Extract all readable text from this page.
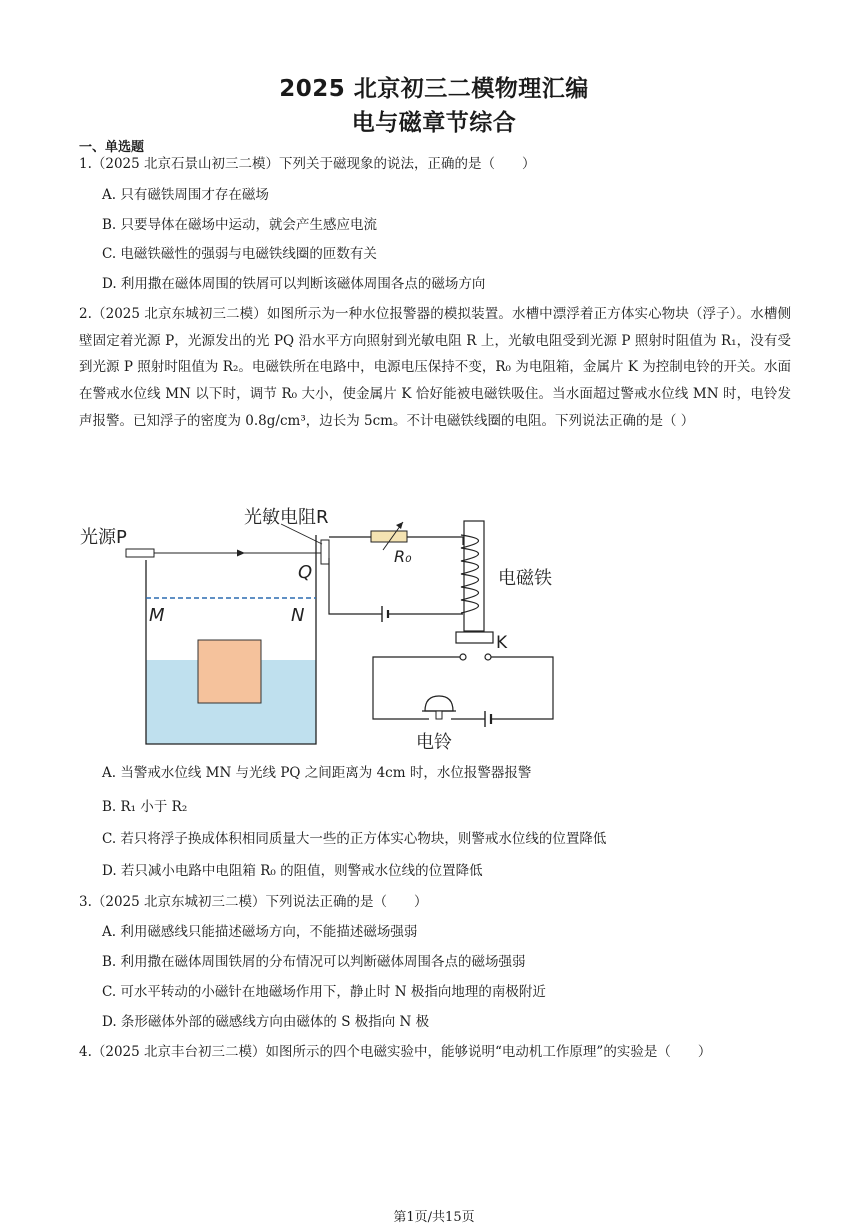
2025 北京初三二模物理汇编
电与磁章节综合
一、单选题
1.（2025 北京石景山初三二模）下列关于磁现象的说法，正确的是（　　）
A. 只有磁铁周围才存在磁场
B. 只要导体在磁场中运动，就会产生感应电流
C. 电磁铁磁性的强弱与电磁铁线圈的匝数有关
D. 利用撒在磁体周围的铁屑可以判断该磁体周围各点的磁场方向
2.（2025 北京东城初三二模）如图所示为一种水位报警器的模拟装置。水槽中漂浮着正方体实心物块（浮子）。水槽侧壁固定着光源 P，光源发出的光 PQ 沿水平方向照射到光敏电阻 R 上，光敏电阻受到光源 P 照射时阻值为 R₁，没有受到光源 P 照射时阻值为 R₂。电磁铁所在电路中，电源电压保持不变，R₀ 为电阻箱，金属片 K 为控制电铃的开关。水面在警戒水位线 MN 以下时，调节 R₀ 大小，使金属片 K 恰好能被电磁铁吸住。当水面超过警戒水位线 MN 时，电铃发声报警。已知浮子的密度为 0.8g/cm³，边长为 5cm。不计电磁铁线圈的电阻。下列说法正确的是（ ）
光源P
光敏电阻R
R₀
Q
M	N
电磁铁
K
电铃
A. 当警戒水位线 MN 与光线 PQ 之间距离为 4cm 时，水位报警器报警
B. R₁ 小于 R₂
C. 若只将浮子换成体积相同质量大一些的正方体实心物块，则警戒水位线的位置降低
D. 若只减小电路中电阻箱 R₀ 的阻值，则警戒水位线的位置降低
3.（2025 北京东城初三二模）下列说法正确的是（　　）
A. 利用磁感线只能描述磁场方向，不能描述磁场强弱
B. 利用撒在磁体周围铁屑的分布情况可以判断磁体周围各点的磁场强弱
C. 可水平转动的小磁针在地磁场作用下，静止时 N 极指向地理的南极附近
D. 条形磁体外部的磁感线方向由磁体的 S 极指向 N 极
4.（2025 北京丰台初三二模）如图所示的四个电磁实验中，能够说明“电动机工作原理”的实验是（　　）
第1页/共15页
